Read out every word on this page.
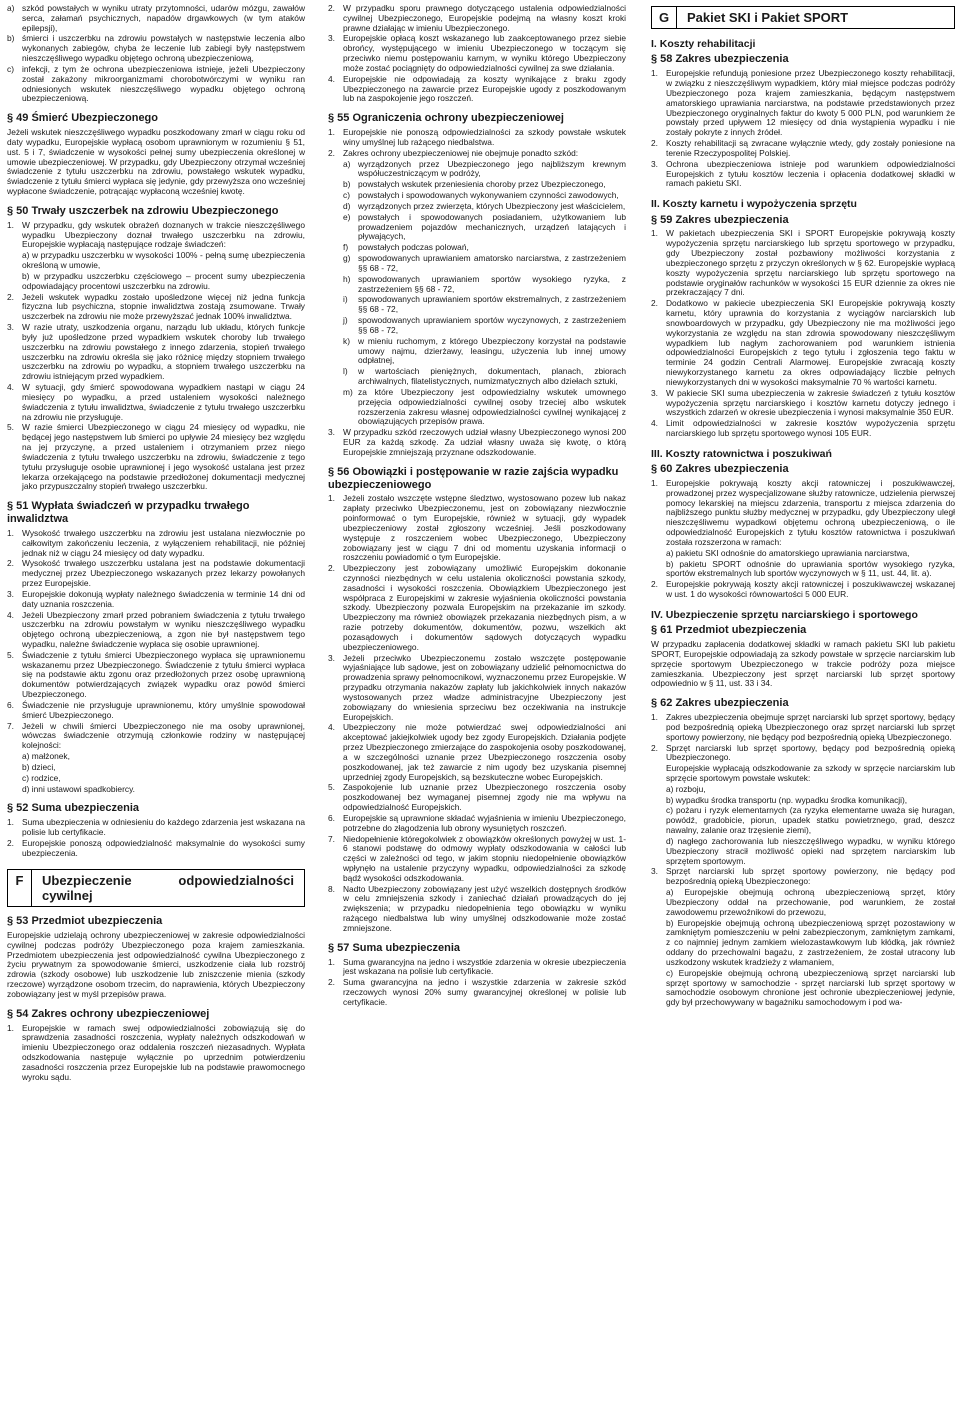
a) szkód powstałych w wyniku utraty przytomności, udarów mózgu, zawałów serca, załamań psychicznych, napadów drgawkowych (w tym ataków epilepsji),
b) śmierci i uszczerbku na zdrowiu powstałych w następstwie leczenia albo wykonanych zabiegów, chyba że leczenie lub zabiegi były następstwem nieszczęśliwego wypadku objętego ochroną ubezpieczeniową,
c) infekcji, z tym że ochrona ubezpieczeniowa istnieje, jeżeli Ubezpieczony został zakażony mikroorganizmami chorobotwórczymi w wyniku ran odniesionych wskutek nieszczęśliwego wypadku objętego ochroną ubezpieczeniową.
§ 49 Śmierć Ubezpieczonego
Jeżeli wskutek nieszczęśliwego wypadku poszkodowany zmarł w ciągu roku od daty wypadku, Europejskie wypłacą osobom uprawnionym w rozumieniu § 51, ust. 5 i 7, świadczenie w wysokości pełnej sumy ubezpieczenia określonej w umowie ubezpieczeniowej. W przypadku, gdy Ubezpieczony otrzymał wcześniej świadczenie z tytułu uszczerbku na zdrowiu, powstałego wskutek wypadku, świadczenie z tytułu śmierci wypłaca się jedynie, gdy przewyższa ono wcześniej wypłacone świadczenie, potrącając wypłaconą wcześniej kwotę.
§ 50 Trwały uszczerbek na zdrowiu Ubezpieczonego
1. W przypadku, gdy wskutek obrażeń doznanych w trakcie nieszczęśliwego wypadku Ubezpieczony doznał trwałego uszczerbku na zdrowiu, Europejskie wypłacają następujące rodzaje świadczeń:
a) w przypadku uszczerbku w wysokości 100% - pełną sumę ubezpieczenia określoną w umowie,
b) w przypadku uszczerbku częściowego – procent sumy ubezpieczenia odpowiadający procentowi uszczerbku na zdrowiu.
2. Jeżeli wskutek wypadku zostało upośledzone więcej niż jedna funkcja fizyczna lub psychiczna, stopnie inwalidztwa zostają zsumowane. Trwały uszczerbek na zdrowiu nie może przewyższać jednak 100% inwalidztwa.
3. W razie utraty, uszkodzenia organu, narządu lub układu, których funkcje były już upośledzone przed wypadkiem wskutek choroby lub trwałego uszczerbku na zdrowiu powstałego z innego zdarzenia, stopień trwałego uszczerbku na zdrowiu określa się jako różnicę między stopniem trwałego uszczerbku na zdrowiu po wypadku, a stopniem trwałego uszczerbku na zdrowiu istniejącym przed wypadkiem.
4. W sytuacji, gdy śmierć spowodowana wypadkiem nastąpi w ciągu 24 miesięcy po wypadku, a przed ustaleniem wysokości należnego świadczenia z tytułu inwalidztwa, świadczenie z tytułu trwałego uszczerbku na zdrowiu nie przysługuje.
5. W razie śmierci Ubezpieczonego w ciągu 24 miesięcy od wypadku, nie będącej jego następstwem lub śmierci po upływie 24 miesięcy bez względu na jej przyczynę, a przed ustaleniem i otrzymaniem przez niego świadczenia z tytułu trwałego uszczerbku na zdrowiu, świadczenie z tego tytułu przysługuje osobie uprawnionej i jego wysokość ustalana jest przez lekarza orzekającego na podstawie przedłożonej dokumentacji medycznej jako przypuszczalny stopień trwałego uszczerbku.
§ 51 Wypłata świadczeń w przypadku trwałego inwalidztwa
1. Wysokość trwałego uszczerbku na zdrowiu jest ustalana niezwłocznie po całkowitym zakończeniu leczenia, z wyłączeniem rehabilitacji, nie później jednak niż w ciągu 24 miesięcy od daty wypadku.
2. Wysokość trwałego uszczerbku ustalana jest na podstawie dokumentacji medycznej przez Ubezpieczonego wskazanych przez lekarzy powołanych przez Europejskie.
3. Europejskie dokonują wypłaty należnego świadczenia w terminie 14 dni od daty uznania roszczenia.
4. Jeżeli Ubezpieczony zmarł przed pobraniem świadczenia z tytułu trwałego uszczerbku na zdrowiu powstałym w wyniku nieszczęśliwego wypadku objętego ochroną ubezpieczeniową, a zgon nie był następstwem tego wypadku, należne świadczenie wypłaca się osobie uprawnionej.
5. Świadczenie z tytułu śmierci Ubezpieczonego wypłaca się uprawnionemu wskazanemu przez Ubezpieczonego. Świadczenie z tytułu śmierci wypłaca się na podstawie aktu zgonu oraz przedłożonych przez osobę uprawnioną dokumentów potwierdzających związek wypadku oraz powód śmierci Ubezpieczonego.
6. Świadczenie nie przysługuje uprawnionemu, który umyślnie spowodował śmierć Ubezpieczonego.
7. Jeżeli w chwili śmierci Ubezpieczonego nie ma osoby uprawnionej, wówczas świadczenie otrzymują członkowie rodziny w następującej kolejności:
a) małżonek,
b) dzieci,
c) rodzice,
d) inni ustawowi spadkobiercy.
§ 52 Suma ubezpieczenia
1. Suma ubezpieczenia w odniesieniu do każdego zdarzenia jest wskazana na polisie lub certyfikacie.
2. Europejskie ponoszą odpowiedzialność maksymalnie do wysokości sumy ubezpieczenia.
F	Ubezpieczenie odpowiedzialności cywilnej
§ 53 Przedmiot ubezpieczenia
Europejskie udzielają ochrony ubezpieczeniowej w zakresie odpowiedzialności cywilnej podczas podróży Ubezpieczonego poza krajem zamieszkania. Przedmiotem ubezpieczenia jest odpowiedzialność cywilna Ubezpieczonego z życiu prywatnym za spowodowanie śmierci, uszkodzenie ciała lub rozstrój zdrowia (szkody osobowe) lub uszkodzenie lub zniszczenie mienia (szkody rzeczowe) wyrządzone osobom trzecim, do naprawienia, których Ubezpieczony zobowiązany jest w myśl przepisów prawa.
§ 54 Zakres ochrony ubezpieczeniowej
1. Europejskie w ramach swej odpowiedzialności zobowiązują się do sprawdzenia zasadności roszczenia, wypłaty należnych odszkodowań w imieniu Ubezpieczonego oraz oddalenia roszczeń niezasadnych. Wypłata odszkodowania następuje wyłącznie po uprzednim potwierdzeniu zasadności roszczenia przez Europejskie lub na podstawie prawomocnego wyroku sądu.
2. W przypadku sporu prawnego dotyczącego ustalenia odpowiedzialności cywilnej Ubezpieczonego, Europejskie podejmą na własny koszt kroki prawne działając w imieniu Ubezpieczonego.
3. Europejskie opłacą koszt wskazanego lub zaakceptowanego przez siebie obrońcy, występującego w imieniu Ubezpieczonego w toczącym się przeciwko niemu postępowaniu karnym, w wyniku którego Ubezpieczony może zostać pociągnięty do odpowiedzialności cywilnej za swe działania.
4. Europejskie nie odpowiadają za koszty wynikające z braku zgody Ubezpieczonego na zawarcie przez Europejskie ugody z poszkodowanym lub na zaspokojenie jego roszczeń.
§ 55 Ograniczenia ochrony ubezpieczeniowej
1. Europejskie nie ponoszą odpowiedzialności za szkody powstałe wskutek winy umyślnej lub rażącego niedbalstwa.
2. Zakres ochrony ubezpieczeniowej nie obejmuje ponadto szkód:
a) wyrządzonych przez Ubezpieczonego jego najbliższym krewnym współuczestniczącym w podróży,
b) powstałych wskutek przeniesienia choroby przez Ubezpieczonego,
c) powstałych i spowodowanych wykonywaniem czynności zawodowych,
d) wyrządzonych przez zwierzęta, których Ubezpieczony jest właścicielem,
e) powstałych i spowodowanych posiadaniem, użytkowaniem lub prowadzeniem pojazdów mechanicznych, urządzeń latających i pływających,
f)	powstałych podczas polowań,
g) spowodowanych uprawianiem amatorsko narciarstwa, z zastrzeżeniem §§ 68 - 72,
h) spowodowanych uprawianiem sportów wysokiego ryzyka, z zastrzeżeniem §§ 68 - 72,
i)	spowodowanych uprawianiem sportów ekstremalnych, z zastrzeżeniem §§ 68 - 72,
j)	spowodowanych uprawianiem sportów wyczynowych, z zastrzeżeniem §§ 68 - 72,
k) w mieniu ruchomym, z którego Ubezpieczony korzystał na podstawie umowy najmu, dzierżawy, leasingu, użyczenia lub innej umowy odpłatnej,
l)	w wartościach pieniężnych, dokumentach, planach, zbiorach archiwalnych, filatelistycznych, numizmatycznych albo dziełach sztuki,
m) za które Ubezpieczony jest odpowiedzialny wskutek umownego przejęcia odpowiedzialności cywilnej osoby trzeciej albo wskutek rozszerzenia zakresu własnej odpowiedzialności cywilnej wynikającej z obowiązujących przepisów prawa.
3. W przypadku szkód rzeczowych udział własny Ubezpieczonego wynosi 200 EUR za każdą szkodę. Za udział własny uważa się kwotę, o którą Europejskie zmniejszają przyznane odszkodowanie.
§ 56 Obowiązki i postępowanie w razie zajścia wypadku ubezpieczeniowego
1. Jeżeli zostało wszczęte wstępne śledztwo, wystosowano pozew lub nakaz zapłaty przeciwko Ubezpieczonemu, jest on zobowiązany niezwłocznie poinformować o tym Europejskie, również w sytuacji, gdy wypadek ubezpieczeniowy został zgłoszony wcześniej. Jeśli poszkodowany występuje z roszczeniem wobec Ubezpieczonego, Ubezpieczony zobowiązany jest w ciągu 7 dni od momentu uzyskania informacji o roszczeniu powiadomić o tym Europejskie.
2. Ubezpieczony jest zobowiązany umożliwić Europejskim dokonanie czynności niezbędnych w celu ustalenia okoliczności powstania szkody, zasadności i wysokości roszczenia. Obowiązkiem Ubezpieczonego jest współpraca z Europejskimi w zakresie wyjaśnienia okoliczności powstania szkody. Ubezpieczony pozwala Europejskim na przekazanie im szkody. Ubezpieczony ma również obowiązek przekazania niezbędnych pism, a w razie potrzeby dokumentów, dokumentów, pozwu, wszelkich akt pozasądowych i dokumentów sądowych dotyczących wypadku ubezpieczeniowego.
3. Jeżeli przeciwko Ubezpieczonemu zostało wszczęte postępowanie wyjaśniające lub sądowe, jest on zobowiązany udzielić pełnomocnictwa do prowadzenia sprawy pełnomocnikowi, wyznaczonemu przez Europejskie. W przypadku otrzymania nakazów zapłaty lub jakichkolwiek innych nakazów wystosowanych przez władze administracyjne Ubezpieczony jest zobowiązany do wniesienia sprzeciwu bez oczekiwania na instrukcje Europejskich.
4. Ubezpieczony nie może potwierdzać swej odpowiedzialności ani akceptować jakiejkolwiek ugody bez zgody Europejskich. Działania podjęte przez Ubezpieczonego zmierzające do zaspokojenia osoby poszkodowanej, a w szczególności uznanie przez Ubezpieczonego roszczenia osoby poszkodowanej, jak też zawarcie z nim ugody bez uzyskania pisemnej uprzedniej zgody Europejskich, są bezskuteczne wobec Europejskich.
5. Zaspokojenie lub uznanie przez Ubezpieczonego roszczenia osoby poszkodowanej bez wymaganej pisemnej zgody nie ma wpływu na odpowiedzialność Europejskich.
6. Europejskie są uprawnione składać wyjaśnienia w imieniu Ubezpieczonego, potrzebne do złagodzenia lub obrony wysuniętych roszczeń.
7. Niedopełnienie któregokolwiek z obowiązków określonych powyżej w ust. 1-6 stanowi podstawę do odmowy wypłaty odszkodowania w całości lub części w zależności od tego, w jakim stopniu niedopełnienie obowiązków wpłynęło na ustalenie przyczyny wypadku, odpowiedzialności za szkodę bądź wysokości odszkodowania.
8. Nadto Ubezpieczony zobowiązany jest użyć wszelkich dostępnych środków w celu zmniejszenia szkody i zaniechać działań prowadzących do jej zwiększenia; w przypadku niedopełnienia tego obowiązku w wyniku rażącego niedbalstwa lub winy umyślnej odszkodowanie może zostać zmniejszone.
§ 57 Suma ubezpieczenia
1. Suma gwarancyjna na jedno i wszystkie zdarzenia w okresie ubezpieczenia jest wskazana na polisie lub certyfikacie.
2. Suma gwarancyjna na jedno i wszystkie zdarzenia w zakresie szkód rzeczowych wynosi 20% sumy gwarancyjnej określonej w polisie lub certyfikacie.
G	Pakiet SKI i Pakiet SPORT
I. Koszty rehabilitacji
§ 58 Zakres ubezpieczenia
1. Europejskie refundują poniesione przez Ubezpieczonego koszty rehabilitacji, w związku z nieszczęśliwym wypadkiem, który miał miejsce podczas podróży Ubezpieczonego poza krajem zamieszkania, będącym następstwem amatorskiego uprawiania narciarstwa, na podstawie przedstawionych przez Ubezpieczonego oryginalnych faktur do kwoty 5 000 PLN, pod warunkiem że powstały przed upływem 12 miesięcy od dnia wystąpienia wypadku i nie zostały pokryte z innych źródeł.
2. Koszty rehabilitacji są zwracane wyłącznie wtedy, gdy zostały poniesione na terenie Rzeczypospolitej Polskiej.
3. Ochrona ubezpieczeniowa istnieje pod warunkiem odpowiedzialności Europejskich z tytułu kosztów leczenia i opłacenia dodatkowej składki w ramach pakietu SKI.
II. Koszty karnetu i wypożyczenia sprzętu
§ 59 Zakres ubezpieczenia
1. W pakietach ubezpieczenia SKI i SPORT Europejskie pokrywają koszty wypożyczenia sprzętu narciarskiego lub sprzętu sportowego w przypadku, gdy Ubezpieczony został pozbawiony możliwości korzystania z ubezpieczonego sprzętu z przyczyn określonych w § 62. Europejskie wypłacą koszty wypożyczenia sprzętu narciarskiego lub sprzętu sportowego na podstawie oryginałów rachunków w wysokości 15 EUR dziennie za okres nie przekraczający 7 dni.
2. Dodatkowo w pakiecie ubezpieczenia SKI Europejskie pokrywają koszty karnetu, który uprawnia do korzystania z wyciągów narciarskich lub snowboardowych w przypadku, gdy Ubezpieczony nie ma możliwości jego wykorzystania ze względu na stan zdrowia spowodowany nieszczęśliwym wypadkiem lub nagłym zachorowaniem pod warunkiem istnienia odpowiedzialności Europejskich z tego tytułu i zgłoszenia tego faktu w terminie 24 godzin Centrali Alarmowej. Europejskie zwracają koszty niewykorzystanego karnetu za okres odpowiadający liczbie pełnych niewykorzystanych dni w wysokości maksymalnie 70 % wartości karnetu.
3. W pakiecie SKI suma ubezpieczenia w zakresie świadczeń z tytułu kosztów wypożyczenia sprzętu narciarskiego i kosztów karnetu dotyczy jednego i wszystkich zdarzeń w okresie ubezpieczenia i wynosi maksymalnie 350 EUR.
4. Limit odpowiedzialności w zakresie kosztów wypożyczenia sprzętu narciarskiego lub sprzętu sportowego wynosi 105 EUR.
III. Koszty ratownictwa i poszukiwań
§ 60 Zakres ubezpieczenia
1. Europejskie pokrywają koszty akcji ratowniczej i poszukiwawczej, prowadzonej przez wyspecjalizowane służby ratownicze, udzielenia pierwszej pomocy lekarskiej na miejscu zdarzenia, transportu z miejsca zdarzenia do najbliższego punktu służby medycznej w przypadku, gdy Ubezpieczony uległ nieszczęśliwemu wypadkowi objętemu ochroną ubezpieczeniową, o ile odpowiedzialność Europejskich z tytułu kosztów ratownictwa i poszukiwań została rozszerzona w ramach:
a) pakietu SKI odnośnie do amatorskiego uprawiania narciarstwa,
b) pakietu SPORT odnośnie do uprawiania sportów wysokiego ryzyka, sportów ekstremalnych lub sportów wyczynowych w § 11, ust. 44, lit. a).
2. Europejskie pokrywają koszty akcji ratowniczej i poszukiwawczej wskazanej w ust. 1 do wysokości równowartości 5 000 EUR.
IV. Ubezpieczenie sprzętu narciarskiego i sportowego
§ 61 Przedmiot ubezpieczenia
W przypadku zapłacenia dodatkowej składki w ramach pakietu SKI lub pakietu SPORT, Europejskie odpowiadają za szkody powstałe w sprzęcie narciarskim lub sprzęcie sportowym Ubezpieczonego w trakcie podróży poza miejsce zamieszkania. Ubezpieczony jest sprzęt narciarski lub sprzęt sportowy odpowiednio w § 11, ust. 33 i 34.
§ 62 Zakres ubezpieczenia
1. Zakres ubezpieczenia obejmuje sprzęt narciarski lub sprzęt sportowy, będący pod bezpośrednią opieką Ubezpieczonego oraz sprzęt narciarski lub sprzęt sportowy powierzony, nie będący pod bezpośrednią opieką Ubezpieczonego.
2. Sprzęt narciarski lub sprzęt sportowy, będący pod bezpośrednią opieką Ubezpieczonego.
Europejskie wypłacają odszkodowanie za szkody w sprzęcie narciarskim lub sprzęcie sportowym powstałe wskutek:
a) rozboju,
b) wypadku środka transportu (np. wypadku środka komunikacji),
c) pożaru i ryzyk elementarnych (za ryzyka elementarne uważa się huragan, powódź, gradobicie, piorun, upadek statku powietrznego, grad, deszcz nawalny, zalanie oraz trzęsienie ziemi),
d) nagłego zachorowania lub nieszczęśliwego wypadku, w wyniku którego Ubezpieczony stracił możliwość opieki nad sprzętem narciarskim lub sprzętem sportowym.
3. Sprzęt narciarski lub sprzęt sportowy powierzony, nie będący pod bezpośrednią opieką Ubezpieczonego:
a) Europejskie obejmują ochroną ubezpieczeniową sprzęt, który Ubezpieczony oddał na przechowanie, pod warunkiem, że został zawodowemu przewoźnikowi do przewozu,
b) Europejskie obejmują ochroną ubezpieczeniową sprzęt pozostawiony w zamkniętym pomieszczeniu w pełni zabezpieczonym, zamkniętym zamkami, z co najmniej jednym zamkiem wielozastawkowym lub kłódką, jak również oddany do przechowalni bagażu, z zastrzeżeniem, że został utracony lub uszkodzony wskutek kradzieży z włamaniem,
c) Europejskie obejmują ochroną ubezpieczeniową sprzęt narciarski lub sprzęt sportowy w samochodzie - sprzęt narciarski lub sprzęt sportowy w samochodzie osobowym chronione jest ochronie ubezpieczeniowej jedynie, gdy był przechowywany w bagażniku samochodowym i pod wa-
